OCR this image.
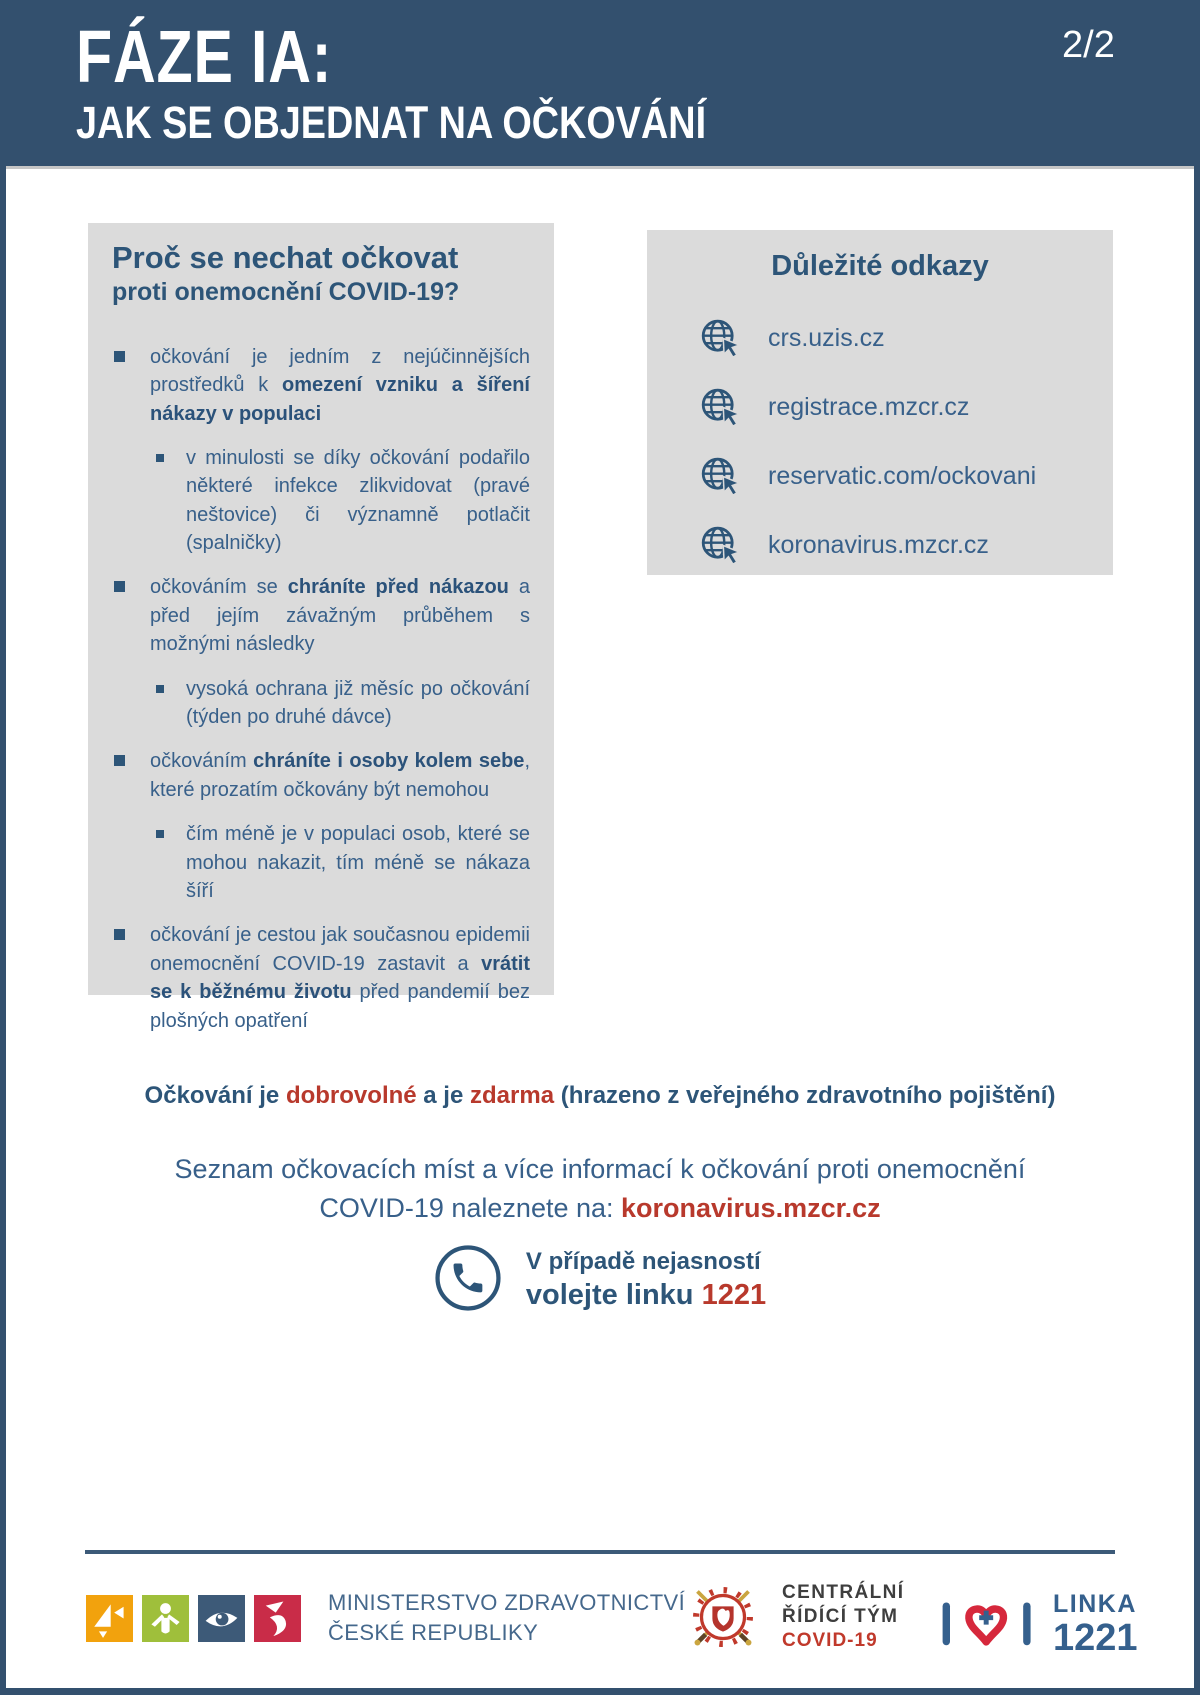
FÁZE IA:
JAK SE OBJEDNAT NA OČKOVÁNÍ
2/2
Proč se nechat očkovat
proti onemocnění COVID-19?
očkování je jedním z nejúčinnějších prostředků k omezení vzniku a šíření nákazy v populaci
v minulosti se díky očkování podařilo některé infekce zlikvidovat (pravé neštovice) či významně potlačit (spalničky)
očkováním se chráníte před nákazou a před jejím závažným průběhem s možnými následky
vysoká ochrana již měsíc po očkování (týden po druhé dávce)
očkováním chráníte i osoby kolem sebe, které prozatím očkovány být nemohou
čím méně je v populaci osob, které se mohou nakazit, tím méně se nákaza šíří
očkování je cestou jak současnou epidemii onemocnění COVID-19 zastavit a vrátit se k běžnému životu před pandemií bez plošných opatření
Důležité odkazy
crs.uzis.cz
registrace.mzcr.cz
reservatic.com/ockovani
koronavirus.mzcr.cz
Očkování je dobrovolné a je zdarma (hrazeno z veřejného zdravotního pojištění)
Seznam očkovacích míst a více informací k očkování proti onemocnění COVID-19 naleznete na: koronavirus.mzcr.cz
V případě nejasností
volejte linku 1221
MINISTERSTVO ZDRAVOTNICTVÍ
ČESKÉ REPUBLIKY
CENTRÁLNÍ
ŘÍDÍCÍ TÝM
COVID-19
LINKA
1221
